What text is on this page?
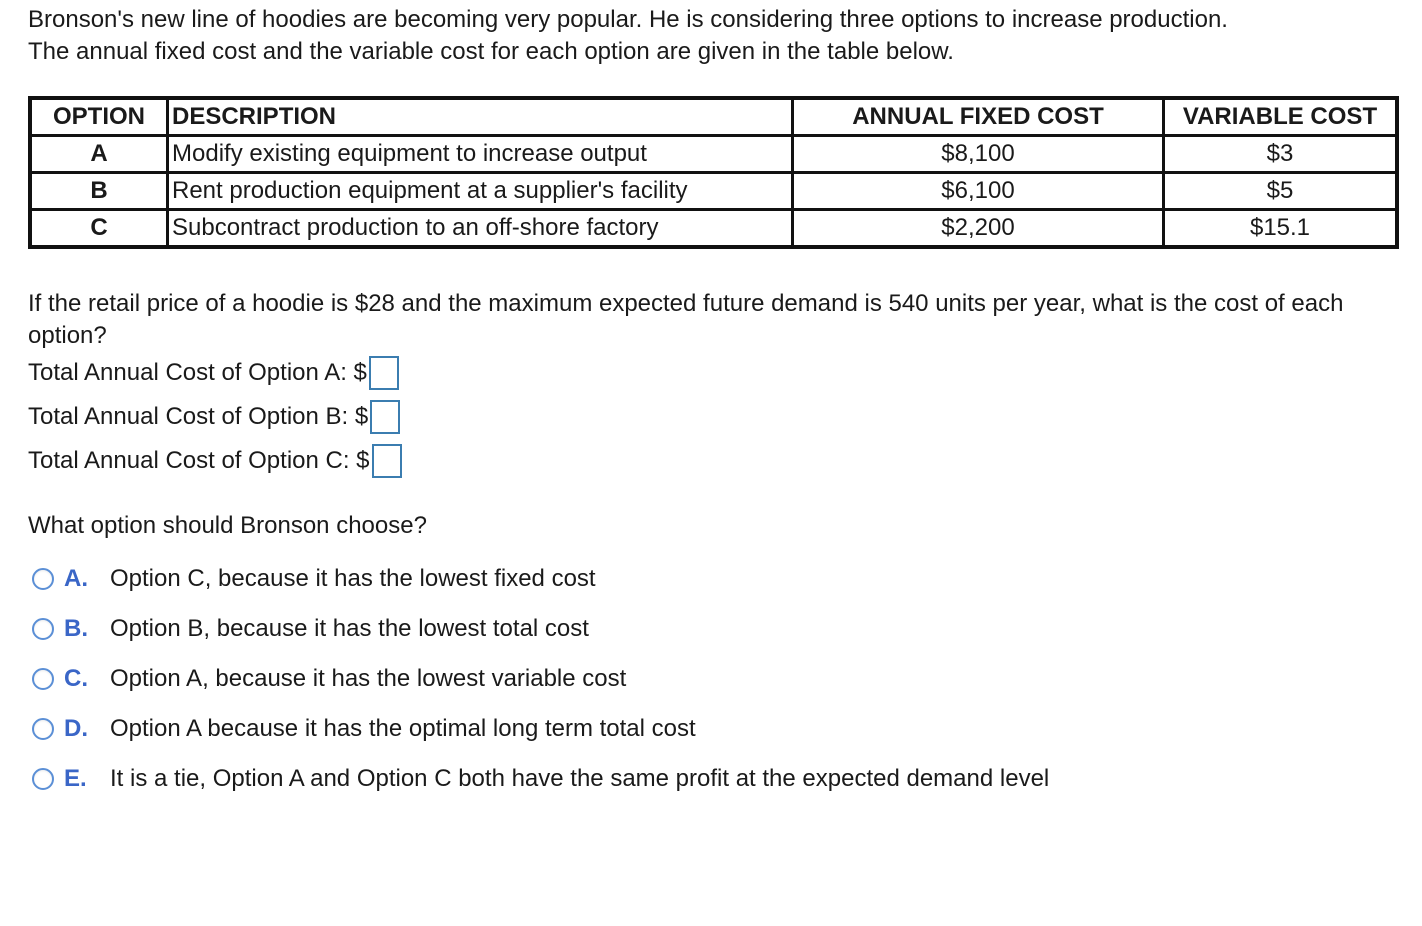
Bronson's new line of hoodies are becoming very popular. He is considering three options to increase production.

The annual fixed cost and the variable cost for each option are given in the table below.

OPTION	DESCRIPTION	ANNUAL FIXED COST	VARIABLE COST
A	Modify existing equipment to increase output	$8,100	$3
B	Rent production equipment at a supplier's facility	$6,100	$5
C	Subcontract production to an off-shore factory	$2,200	$15.1

If the retail price of a hoodie is $28 and the maximum expected future demand is 540 units per year, what is the cost of each option?

Total Annual Cost of Option A: $
Total Annual Cost of Option B: $
Total Annual Cost of Option C: $

What option should Bronson choose?

A. Option C, because it has the lowest fixed cost
B. Option B, because it has the lowest total cost
C. Option A, because it has the lowest variable cost
D. Option A because it has the optimal long term total cost
E. It is a tie, Option A and Option C both have the same profit at the expected demand level
